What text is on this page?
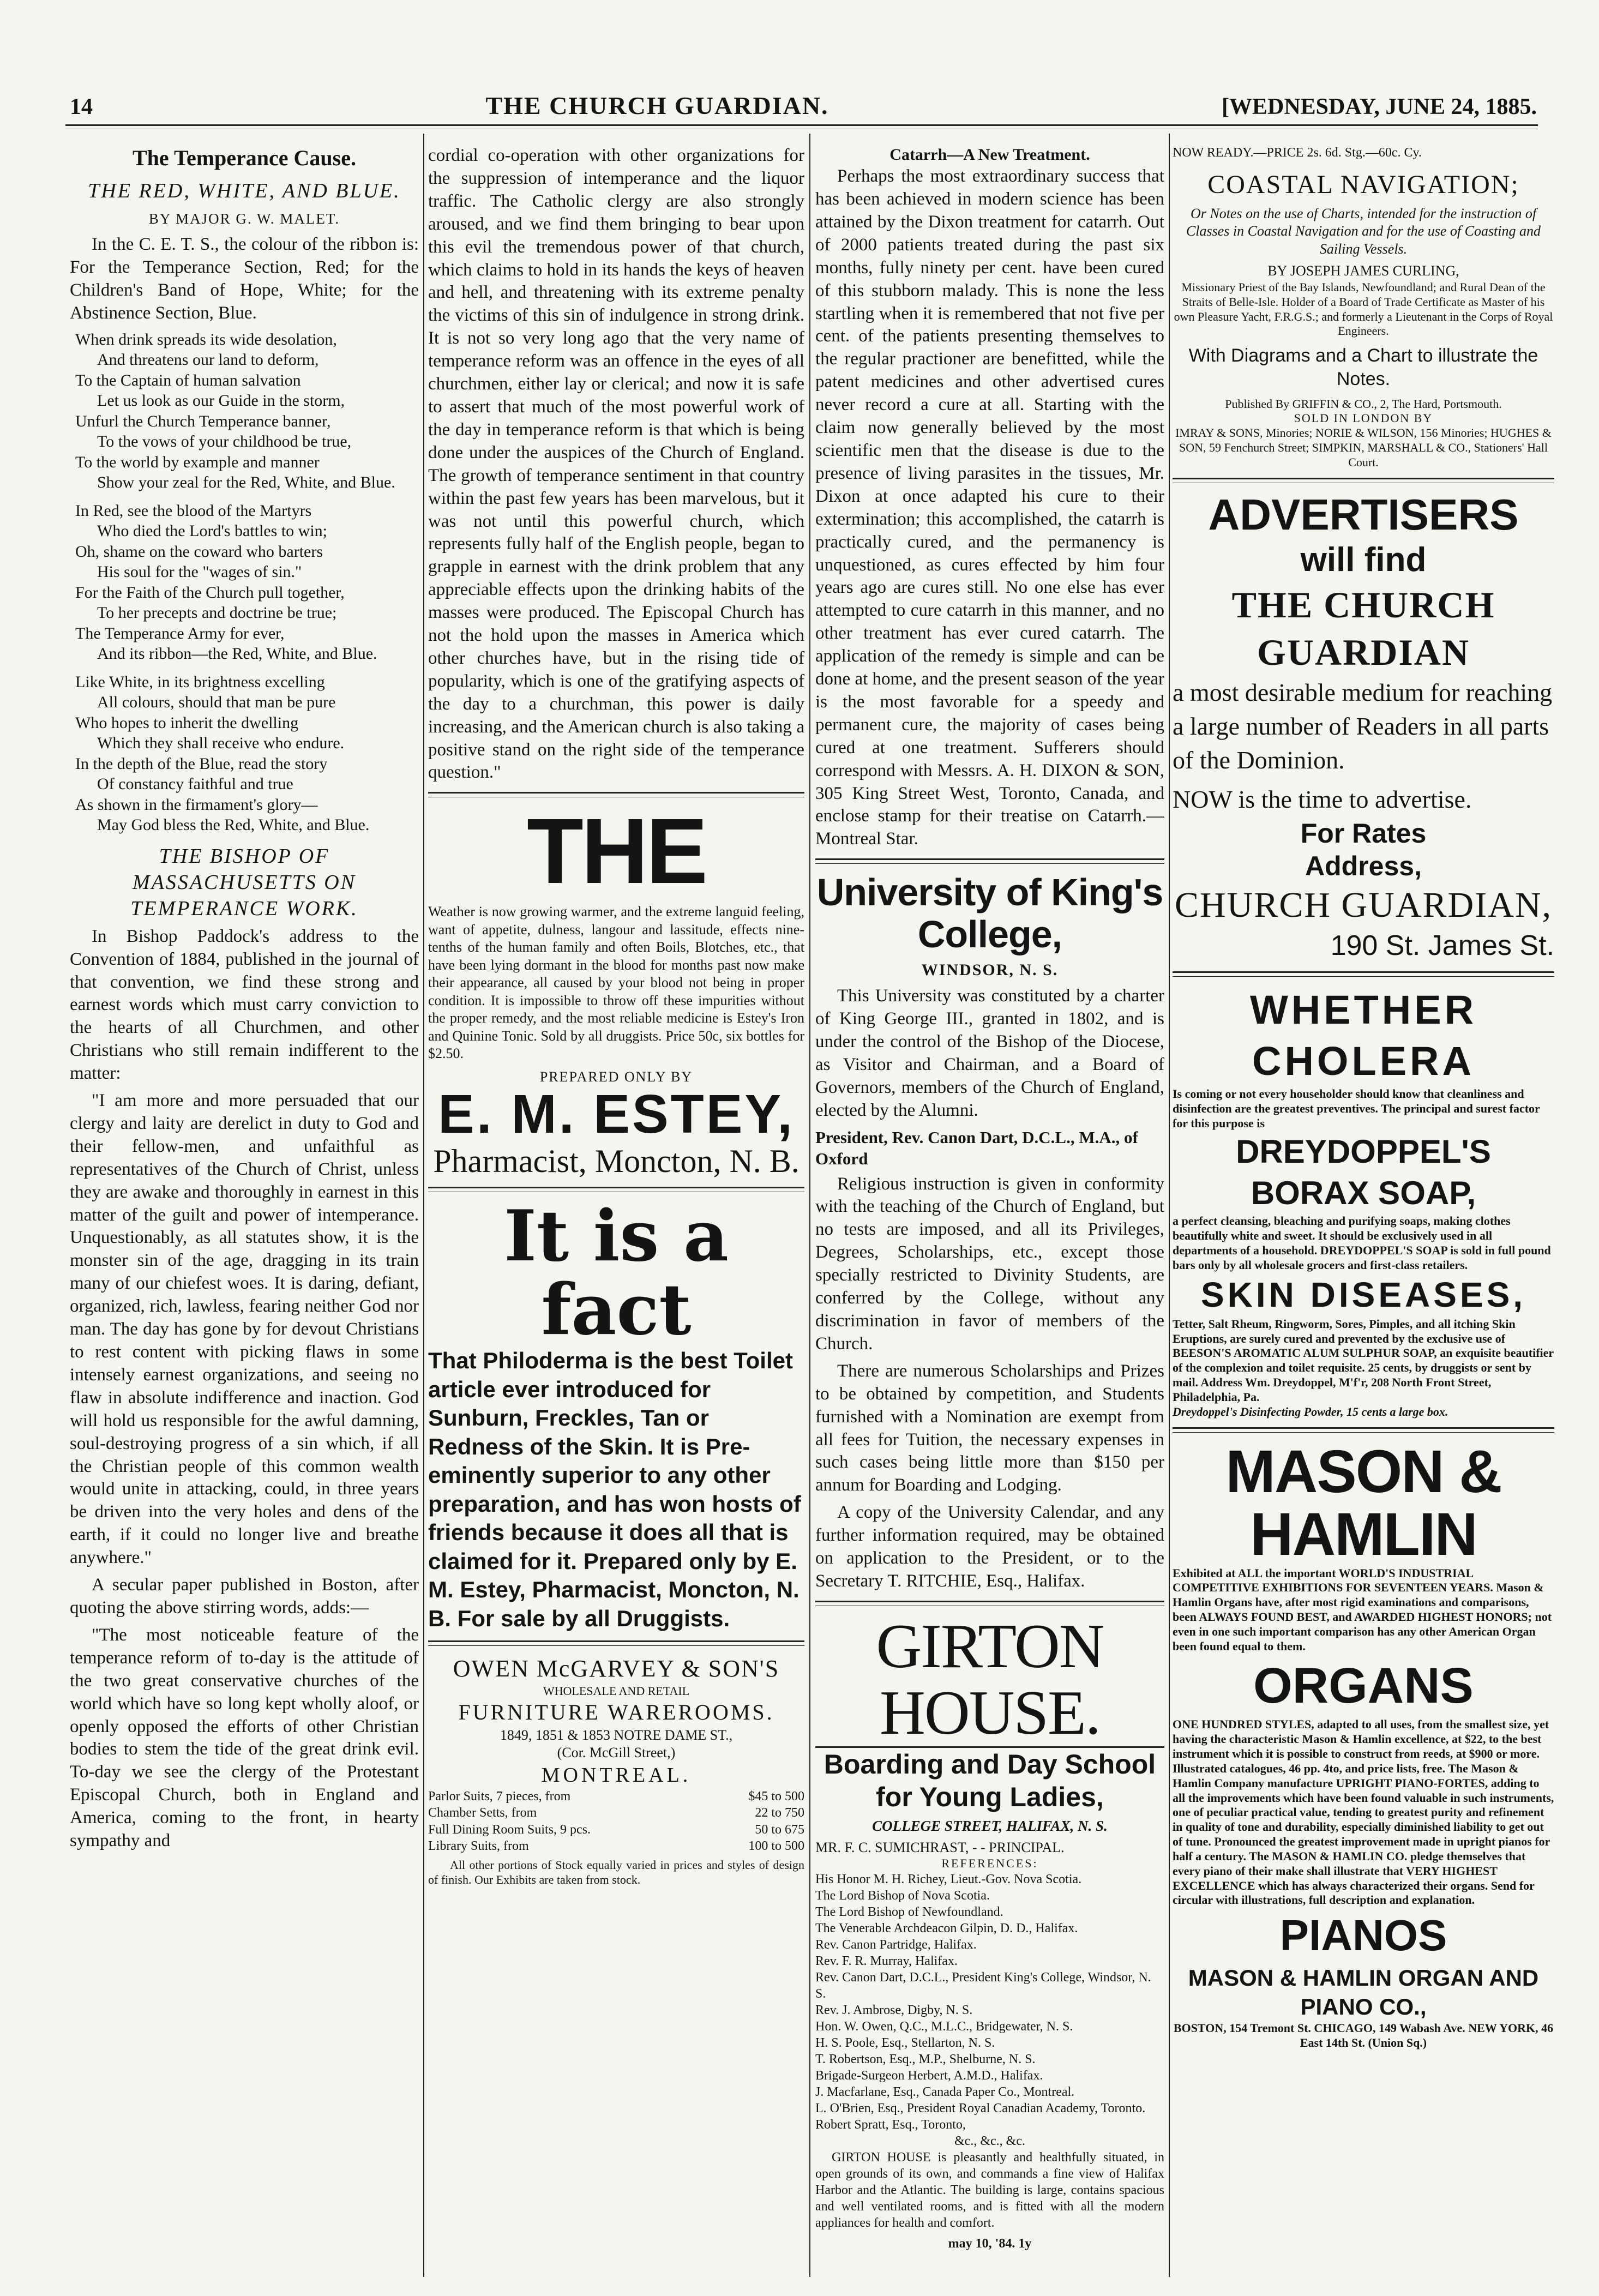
14	THE CHURCH GUARDIAN.	[WEDNESDAY, JUNE 24, 1885.
The Temperance Cause.
THE RED, WHITE, AND BLUE.
BY MAJOR G. W. MALET.

In the C. E. T. S., the colour of the ribbon is: For the Temperance Section, Red; for the Children's Band of Hope, White; for the Abstinence Section, Blue.

When drink spreads its wide desolation,
And threatens our land to deform,
To the Captain of human salvation
Let us look as our Guide in the storm,
Unfurl the Church Temperance banner,
To the vows of your childhood be true,
To the world by example and manner
Show your zeal for the Red, White, and Blue.
In Red, see the blood of the Martyrs
Who died the Lord's battles to win;
Oh, shame on the coward who barters
His soul for the "wages of sin."
For the Faith of the Church pull together,
To her precepts and doctrine be true;
The Temperance Army for ever,
And its ribbon—the Red, White, and Blue.
Like White, in its brightness excelling
All colours, should that man be pure
Who hopes to inherit the dwelling
Which they shall receive who endure.
In the depth of the Blue, read the story
Of constancy faithful and true
As shown in the firmament's glory—
May God bless the Red, White, and Blue.
THE BISHOP OF MASSACHUSETTS ON TEMPERANCE WORK.

In Bishop Paddock's address to the Convention of 1884, published in the journal of that convention, we find these strong and earnest words which must carry conviction to the hearts of all Churchmen, and other Christians who still remain indifferent to the matter:

"I am more and more persuaded that our clergy and laity are derelict in duty to God and their fellow-men, and unfaithful as representatives of the Church of Christ, unless they are awake and thoroughly in earnest in this matter of the guilt and power of intemperance. Unquestionably, as all statutes show, it is the monster sin of the age, dragging in its train many of our chiefest woes. It is daring, defiant, organized, rich, lawless, fearing neither God nor man. The day has gone by for devout Christians to rest content with picking flaws in some intensely earnest organizations, and seeing no flaw in absolute indifference and inaction. God will hold us responsible for the awful damning, soul-destroying progress of a sin which, if all the Christian people of this common wealth would unite in attacking, could, in three years be driven into the very holes and dens of the earth, if it could no longer live and breathe anywhere."

A secular paper published in Boston, after quoting the above stirring words, adds:—

"The most noticeable feature of the temperance reform of to-day is the attitude of the two great conservative churches of the world which have so long kept wholly aloof, or openly opposed the efforts of other Christian bodies to stem the tide of the great drink evil. To-day we see the clergy of the Protestant Episcopal Church, both in England and America, coming to the front, in hearty sympathy and

cordial co-operation with other organizations for the suppression of intemperance and the liquor traffic. The Catholic clergy are also strongly aroused, and we find them bringing to bear upon this evil the tremendous power of that church, which claims to hold in its hands the keys of heaven and hell, and threatening with its extreme penalty the victims of this sin of indulgence in strong drink. It is not so very long ago that the very name of temperance reform was an offence in the eyes of all churchmen, either lay or clerical; and now it is safe to assert that much of the most powerful work of the day in temperance reform is that which is being done under the auspices of the Church of England. The growth of temperance sentiment in that country within the past few years has been marvelous, but it was not until this powerful church, which represents fully half of the English people, began to grapple in earnest with the drink problem that any appreciable effects upon the drinking habits of the masses were produced. The Episcopal Church has not the hold upon the masses in America which other churches have, but in the rising tide of popularity, which is one of the gratifying aspects of the day to a churchman, this power is daily increasing, and the American church is also taking a positive stand on the right side of the temperance question."

THE

Weather is now growing warmer, and the extreme languid feeling, want of appetite, dulness, langour and lassitude, effects nine-tenths of the human family and often Boils, Blotches, etc., that have been lying dormant in the blood for months past now make their appearance, all caused by your blood not being in proper condition. It is impossible to throw off these impurities without the proper remedy, and the most reliable medicine is Estey's Iron and Quinine Tonic. Sold by all druggists. Price 50c, six bottles for $2.50.

PREPARED ONLY BY
E. M. ESTEY,
Pharmacist, Moncton, N. B.
It is a fact
That Philoderma is the best Toilet article ever introduced for Sunburn, Freckles, Tan or Redness of the Skin. It is Pre-eminently superior to any other preparation, and has won hosts of friends because it does all that is claimed for it. Prepared only by E. M. Estey, Pharmacist, Moncton, N. B. For sale by all Druggists.
OWEN McGARVEY & SON'S
WHOLESALE AND RETAIL
FURNITURE WAREROOMS.
1849, 1851 & 1853 NOTRE DAME ST.,
(Cor. McGill Street,)
MONTREAL.
Parlor Suits, 7 pieces, from	$45 to 500
Chamber Setts, from	22 to 750
Full Dining Room Suits, 9 pcs.	50 to 675
Library Suits, from	100 to 500

All other portions of Stock equally varied in prices and styles of design of finish. Our Exhibits are taken from stock.

Catarrh—A New Treatment.

Perhaps the most extraordinary success that has been achieved in modern science has been attained by the Dixon treatment for catarrh. Out of 2000 patients treated during the past six months, fully ninety per cent. have been cured of this stubborn malady. This is none the less startling when it is remembered that not five per cent. of the patients presenting themselves to the regular practioner are benefitted, while the patent medicines and other advertised cures never record a cure at all. Starting with the claim now generally believed by the most scientific men that the disease is due to the presence of living parasites in the tissues, Mr. Dixon at once adapted his cure to their extermination; this accomplished, the catarrh is practically cured, and the permanency is unquestioned, as cures effected by him four years ago are cures still. No one else has ever attempted to cure catarrh in this manner, and no other treatment has ever cured catarrh. The application of the remedy is simple and can be done at home, and the present season of the year is the most favorable for a speedy and permanent cure, the majority of cases being cured at one treatment. Sufferers should correspond with Messrs. A. H. DIXON & SON, 305 King Street West, Toronto, Canada, and enclose stamp for their treatise on Catarrh.—Montreal Star.

University of King's College,
WINDSOR, N. S.

This University was constituted by a charter of King George III., granted in 1802, and is under the control of the Bishop of the Diocese, as Visitor and Chairman, and a Board of Governors, members of the Church of England, elected by the Alumni.

President, Rev. Canon Dart, D.C.L., M.A., of Oxford

Religious instruction is given in conformity with the teaching of the Church of England, but no tests are imposed, and all its Privileges, Degrees, Scholarships, etc., except those specially restricted to Divinity Students, are conferred by the College, without any discrimination in favor of members of the Church.

There are numerous Scholarships and Prizes to be obtained by competition, and Students furnished with a Nomination are exempt from all fees for Tuition, the necessary expenses in such cases being little more than $150 per annum for Boarding and Lodging.

A copy of the University Calendar, and any further information required, may be obtained on application to the President, or to the Secretary T. RITCHIE, Esq., Halifax.

GIRTON HOUSE.
Boarding and Day School for Young Ladies,
COLLEGE STREET, HALIFAX, N. S.
MR. F. C. SUMICHRAST, - - PRINCIPAL.
REFERENCES:
His Honor M. H. Richey, Lieut.-Gov. Nova Scotia.
The Lord Bishop of Nova Scotia.
The Lord Bishop of Newfoundland.
The Venerable Archdeacon Gilpin, D. D., Halifax.
Rev. Canon Partridge, Halifax.
Rev. F. R. Murray, Halifax.
Rev. Canon Dart, D.C.L., President King's College, Windsor, N. S.
Rev. J. Ambrose, Digby, N. S.
Hon. W. Owen, Q.C., M.L.C., Bridgewater, N. S.
H. S. Poole, Esq., Stellarton, N. S.
T. Robertson, Esq., M.P., Shelburne, N. S.
Brigade-Surgeon Herbert, A.M.D., Halifax.
J. Macfarlane, Esq., Canada Paper Co., Montreal.
L. O'Brien, Esq., President Royal Canadian Academy, Toronto.
Robert Spratt, Esq., Toronto,
&c., &c., &c.

GIRTON HOUSE is pleasantly and healthfully situated, in open grounds of its own, and commands a fine view of Halifax Harbor and the Atlantic. The building is large, contains spacious and well ventilated rooms, and is fitted with all the modern appliances for health and comfort.

may 10, '84. 1y
NOW READY.—PRICE 2s. 6d. Stg.—60c. Cy.
COASTAL NAVIGATION;
Or Notes on the use of Charts, intended for the instruction of Classes in Coastal Navigation and for the use of Coasting and Sailing Vessels.
BY JOSEPH JAMES CURLING,
Missionary Priest of the Bay Islands, Newfoundland; and Rural Dean of the Straits of Belle-Isle. Holder of a Board of Trade Certificate as Master of his own Pleasure Yacht, F.R.G.S.; and formerly a Lieutenant in the Corps of Royal Engineers.
With Diagrams and a Chart to illustrate the Notes.
Published By GRIFFIN & CO., 2, The Hard, Portsmouth.
SOLD IN LONDON BY
IMRAY & SONS, Minories; NORIE & WILSON, 156 Minories; HUGHES & SON, 59 Fenchurch Street; SIMPKIN, MARSHALL & CO., Stationers' Hall Court.
ADVERTISERS
will find
THE CHURCH GUARDIAN
a most desirable medium for reaching a large number of Readers in all parts of the Dominion.
NOW is the time to advertise.
For Rates
Address,
CHURCH GUARDIAN,
190 St. James St.
WHETHER CHOLERA
Is coming or not every householder should know that cleanliness and disinfection are the greatest preventives. The principal and surest factor for this purpose is
DREYDOPPEL'S BORAX SOAP,
a perfect cleansing, bleaching and purifying soaps, making clothes beautifully white and sweet. It should be exclusively used in all departments of a household. DREYDOPPEL'S SOAP is sold in full pound bars only by all wholesale grocers and first-class retailers.
SKIN DISEASES,
Tetter, Salt Rheum, Ringworm, Sores, Pimples, and all itching Skin Eruptions, are surely cured and prevented by the exclusive use of BEESON'S AROMATIC ALUM SULPHUR SOAP, an exquisite beautifier of the complexion and toilet requisite. 25 cents, by druggists or sent by mail. Address Wm. Dreydoppel, M'f'r, 208 North Front Street, Philadelphia, Pa.
Dreydoppel's Disinfecting Powder, 15 cents a large box.
MASON & HAMLIN
Exhibited at ALL the important WORLD'S INDUSTRIAL COMPETITIVE EXHIBITIONS FOR SEVENTEEN YEARS. Mason & Hamlin Organs have, after most rigid examinations and comparisons, been ALWAYS FOUND BEST, and AWARDED HIGHEST HONORS; not even in one such important comparison has any other American Organ been found equal to them.
ORGANS
ONE HUNDRED STYLES, adapted to all uses, from the smallest size, yet having the characteristic Mason & Hamlin excellence, at $22, to the best instrument which it is possible to construct from reeds, at $900 or more. Illustrated catalogues, 46 pp. 4to, and price lists, free. The Mason & Hamlin Company manufacture UPRIGHT PIANO-FORTES, adding to all the improvements which have been found valuable in such instruments, one of peculiar practical value, tending to greatest purity and refinement in quality of tone and durability, especially diminished liability to get out of tune. Pronounced the greatest improvement made in upright pianos for half a century. The MASON & HAMLIN CO. pledge themselves that every piano of their make shall illustrate that VERY HIGHEST EXCELLENCE which has always characterized their organs. Send for circular with illustrations, full description and explanation.
PIANOS
MASON & HAMLIN ORGAN AND PIANO CO.,
BOSTON, 154 Tremont St. CHICAGO, 149 Wabash Ave. NEW YORK, 46 East 14th St. (Union Sq.)
